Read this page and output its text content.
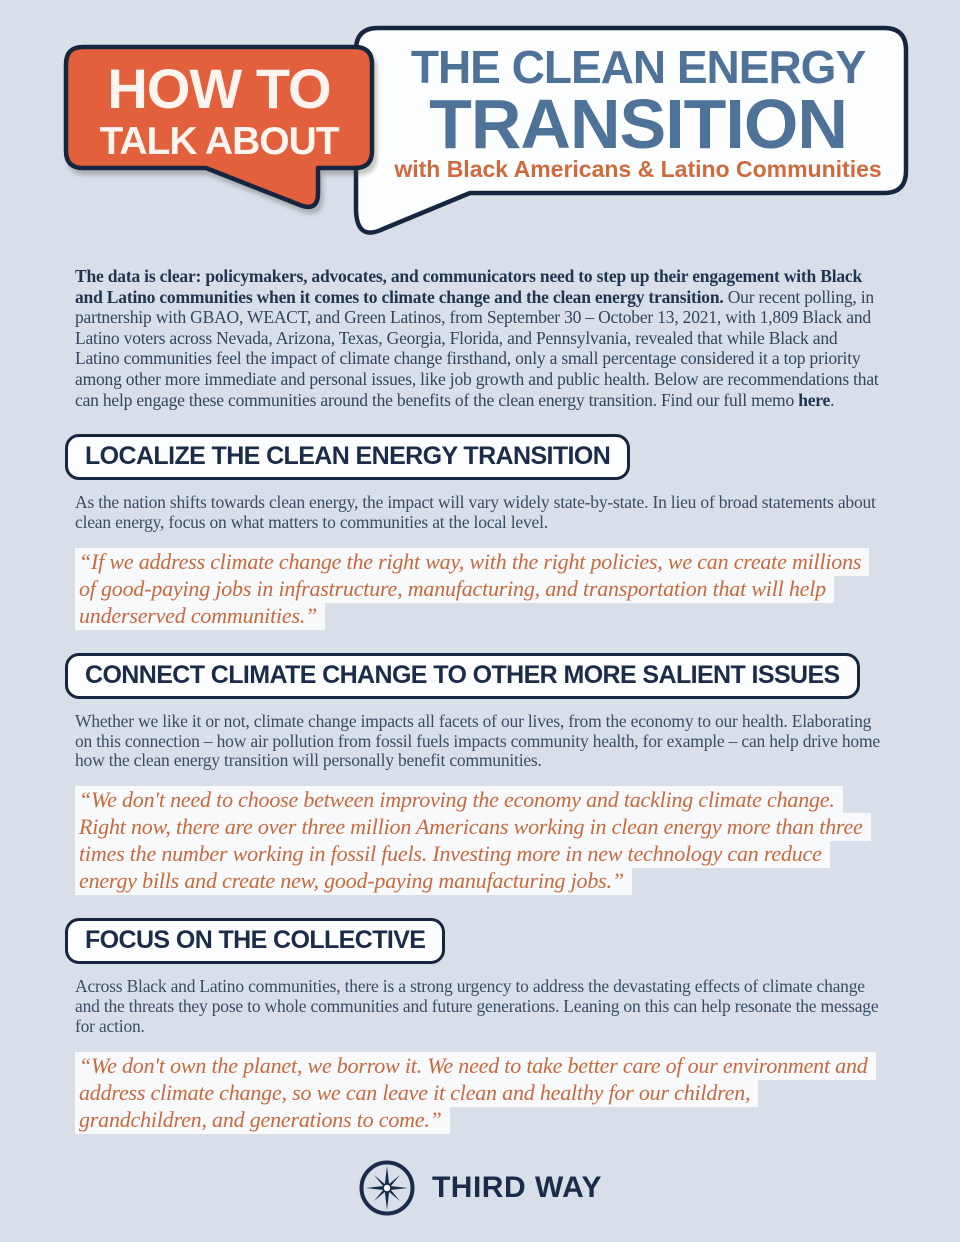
HOW TO
TALK ABOUT
THE CLEAN ENERGY
TRANSITION
with Black Americans & Latino Communities

The data is clear: policymakers, advocates, and communicators need to step up their engagement with Black and Latino communities when it comes to climate change and the clean energy transition. Our recent polling, in partnership with GBAO, WEACT, and Green Latinos, from September 30 – October 13, 2021, with 1,809 Black and Latino voters across Nevada, Arizona, Texas, Georgia, Florida, and Pennsylvania, revealed that while Black and Latino communities feel the impact of climate change firsthand, only a small percentage considered it a top priority among other more immediate and personal issues, like job growth and public health. Below are recommendations that can help engage these communities around the benefits of the clean energy transition. Find our full memo here.

LOCALIZE THE CLEAN ENERGY TRANSITION

As the nation shifts towards clean energy, the impact will vary widely state-by-state. In lieu of broad statements about clean energy, focus on what matters to communities at the local level.

“If we address climate change the right way, with the right policies, we can create millions of good-paying jobs in infrastructure, manufacturing, and transportation that will help underserved communities.”

CONNECT CLIMATE CHANGE TO OTHER MORE SALIENT ISSUES

Whether we like it or not, climate change impacts all facets of our lives, from the economy to our health. Elaborating on this connection – how air pollution from fossil fuels impacts community health, for example – can help drive home how the clean energy transition will personally benefit communities.

“We don't need to choose between improving the economy and tackling climate change. Right now, there are over three million Americans working in clean energy more than three times the number working in fossil fuels. Investing more in new technology can reduce energy bills and create new, good-paying manufacturing jobs.”

FOCUS ON THE COLLECTIVE

Across Black and Latino communities, there is a strong urgency to address the devastating effects of climate change and the threats they pose to whole communities and future generations. Leaning on this can help resonate the message for action.

“We don't own the planet, we borrow it. We need to take better care of our environment and address climate change, so we can leave it clean and healthy for our children, grandchildren, and generations to come.”

THIRD WAY
